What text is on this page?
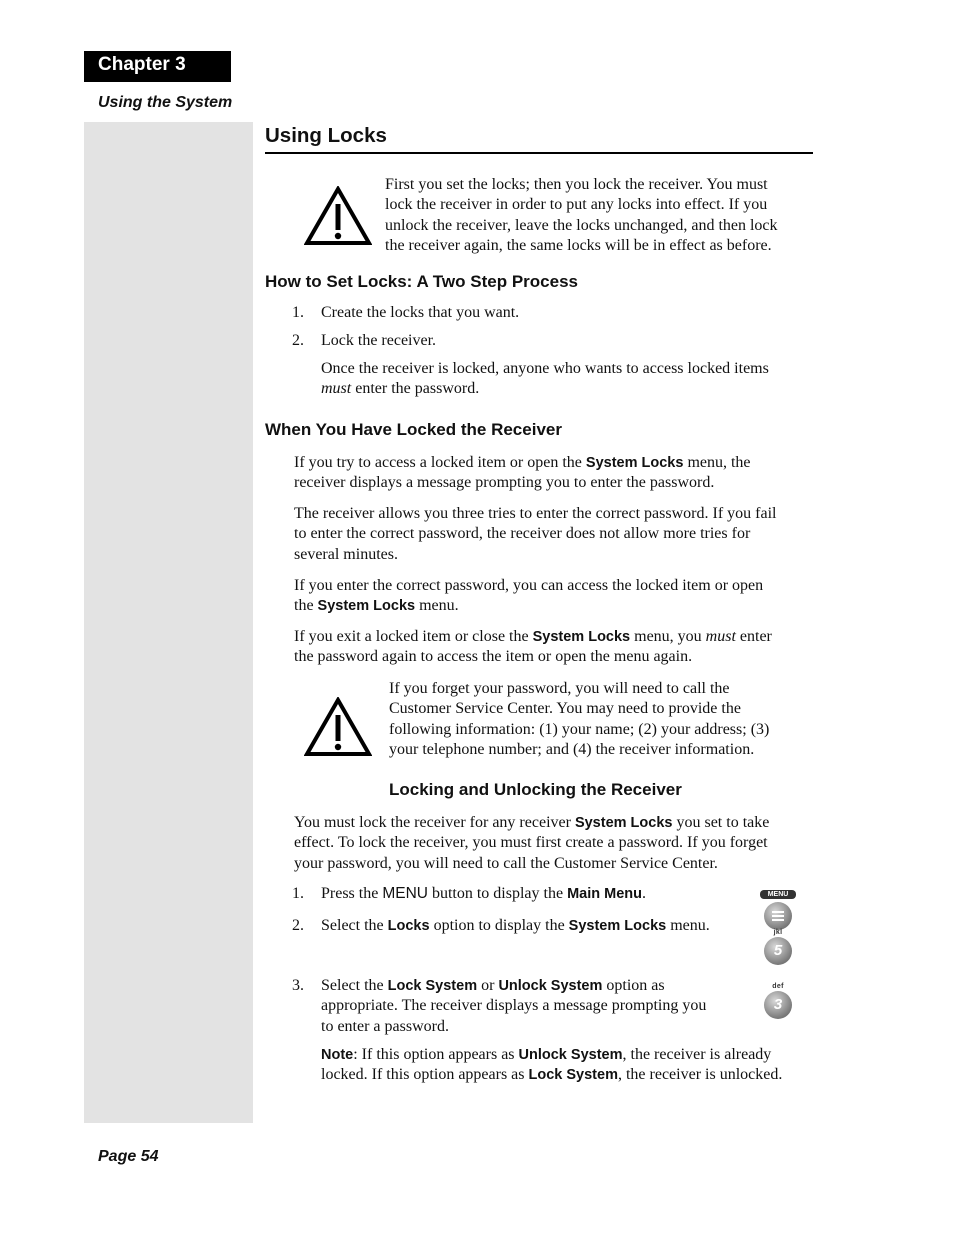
Chapter 3
Using the System
Using Locks
First you set the locks; then you lock the receiver. You must
lock the receiver in order to put any locks into effect. If you
unlock the receiver, leave the locks unchanged, and then lock
the receiver again, the same locks will be in effect as before.
How to Set Locks: A Two Step Process
1. Create the locks that you want.
2. Lock the receiver.
Once the receiver is locked, anyone who wants to access locked items
must enter the password.
When You Have Locked the Receiver
If you try to access a locked item or open the System Locks menu, the
receiver displays a message prompting you to enter the password.
The receiver allows you three tries to enter the correct password. If you fail
to enter the correct password, the receiver does not allow more tries for
several minutes.
If you enter the correct password, you can access the locked item or open
the System Locks menu.
If you exit a locked item or close the System Locks menu, you must enter
the password again to access the item or open the menu again.
If you forget your password, you will need to call the
Customer Service Center. You may need to provide the
following information: (1) your name; (2) your address; (3)
your telephone number; and (4) the receiver information.
Locking and Unlocking the Receiver
You must lock the receiver for any receiver System Locks you set to take
effect. To lock the receiver, you must first create a password. If you forget
your password, you will need to call the Customer Service Center.
1. Press the MENU button to display the Main Menu.
2. Select the Locks option to display the System Locks menu.
3. Select the Lock System or Unlock System option as
appropriate. The receiver displays a message prompting you
to enter a password.
Note: If this option appears as Unlock System, the receiver is already
locked. If this option appears as Lock System, the receiver is unlocked.
MENU
jkl
5
def
3
Page 54
